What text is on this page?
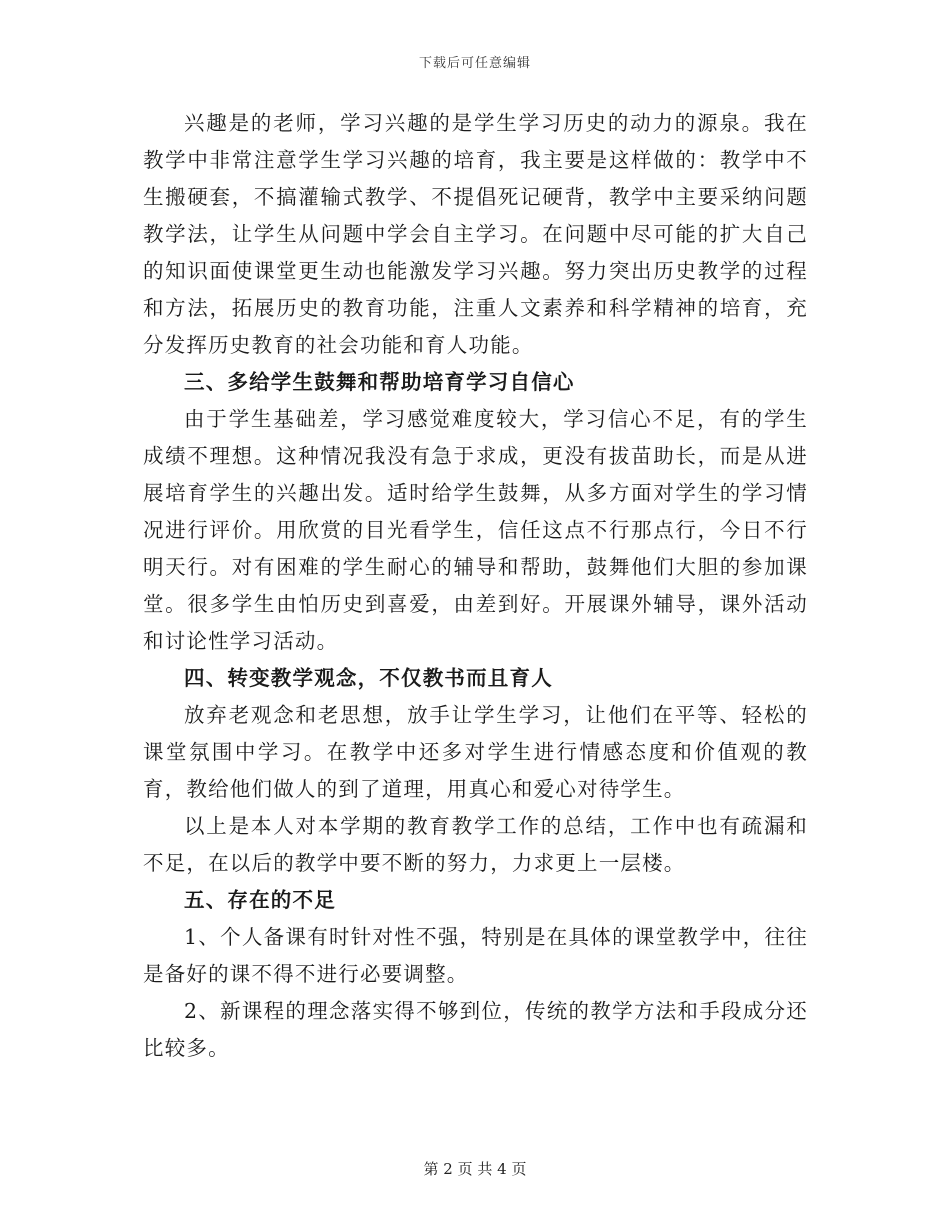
下载后可任意编辑

兴趣是的老师，学习兴趣的是学生学习历史的动力的源泉。我在教学中非常注意学生学习兴趣的培育，我主要是这样做的：教学中不生搬硬套，不搞灌输式教学、不提倡死记硬背，教学中主要采纳问题教学法，让学生从问题中学会自主学习。在问题中尽可能的扩大自己的知识面使课堂更生动也能激发学习兴趣。努力突出历史教学的过程和方法，拓展历史的教育功能，注重人文素养和科学精神的培育，充分发挥历史教育的社会功能和育人功能。

三、多给学生鼓舞和帮助培育学习自信心

由于学生基础差，学习感觉难度较大，学习信心不足，有的学生成绩不理想。这种情况我没有急于求成，更没有拔苗助长，而是从进展培育学生的兴趣出发。适时给学生鼓舞，从多方面对学生的学习情况进行评价。用欣赏的目光看学生，信任这点不行那点行，今日不行明天行。对有困难的学生耐心的辅导和帮助，鼓舞他们大胆的参加课堂。很多学生由怕历史到喜爱，由差到好。开展课外辅导，课外活动和讨论性学习活动。

四、转变教学观念，不仅教书而且育人

放弃老观念和老思想，放手让学生学习，让他们在平等、轻松的课堂氛围中学习。在教学中还多对学生进行情感态度和价值观的教育，教给他们做人的到了道理，用真心和爱心对待学生。

以上是本人对本学期的教育教学工作的总结，工作中也有疏漏和不足，在以后的教学中要不断的努力，力求更上一层楼。

五、存在的不足

1、个人备课有时针对性不强，特别是在具体的课堂教学中，往往是备好的课不得不进行必要调整。

2、新课程的理念落实得不够到位，传统的教学方法和手段成分还比较多。

第 2 页 共 4 页
